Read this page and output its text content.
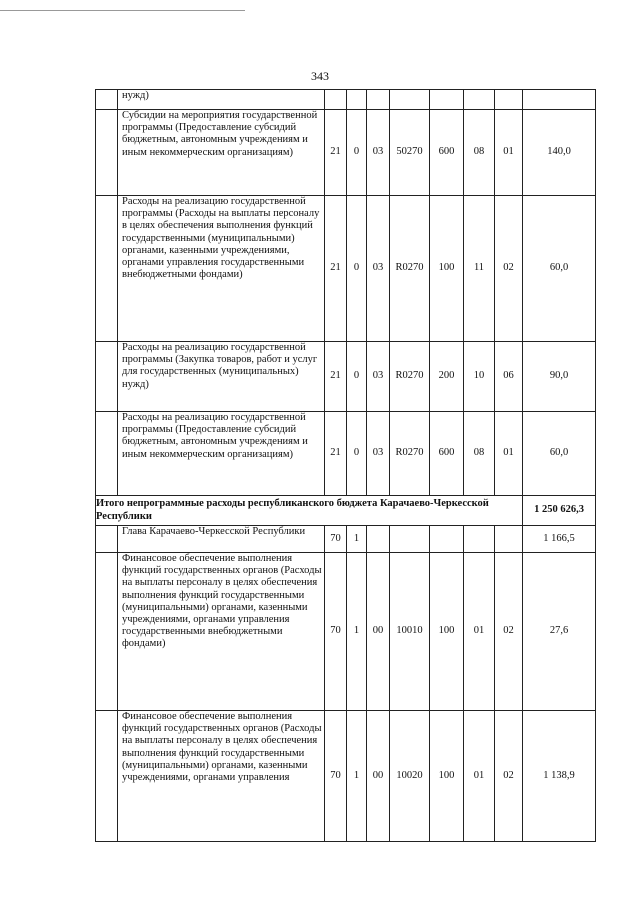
343
	нужд)								
	Субсидии на мероприятия государственной программы (Предоставление субсидий бюджетным, автономным учреждениям и иным некоммерческим организациям)	21	0	03	50270	600	08	01	140,0
	Расходы на реализацию государственной программы (Расходы на выплаты персоналу в целях обеспечения выполнения функций государственными (муниципальными) органами, казенными учреждениями, органами управления государственными внебюджетными фондами)	21	0	03	R0270	100	11	02	60,0
	Расходы на реализацию государственной программы (Закупка товаров, работ и услуг для государственных (муниципальных) нужд)	21	0	03	R0270	200	10	06	90,0
	Расходы на реализацию государственной программы (Предоставление субсидий бюджетным, автономным учреждениям и иным некоммерческим организациям)	21	0	03	R0270	600	08	01	60,0
Итого непрограммные расходы республиканского бюджета Карачаево-Черкесской Республики									1 250 626,3
	Глава Карачаево-Черкесской Республики	70	1						1 166,5
	Финансовое обеспечение выполнения функций государственных органов (Расходы на выплаты персоналу в целях обеспечения выполнения функций государственными (муниципальными) органами, казенными учреждениями, органами управления государственными внебюджетными фондами)	70	1	00	10010	100	01	02	27,6
	Финансовое обеспечение выполнения функций государственных органов (Расходы на выплаты персоналу в целях обеспечения выполнения функций государственными (муниципальными) органами, казенными учреждениями, органами управления	70	1	00	10020	100	01	02	1 138,9
